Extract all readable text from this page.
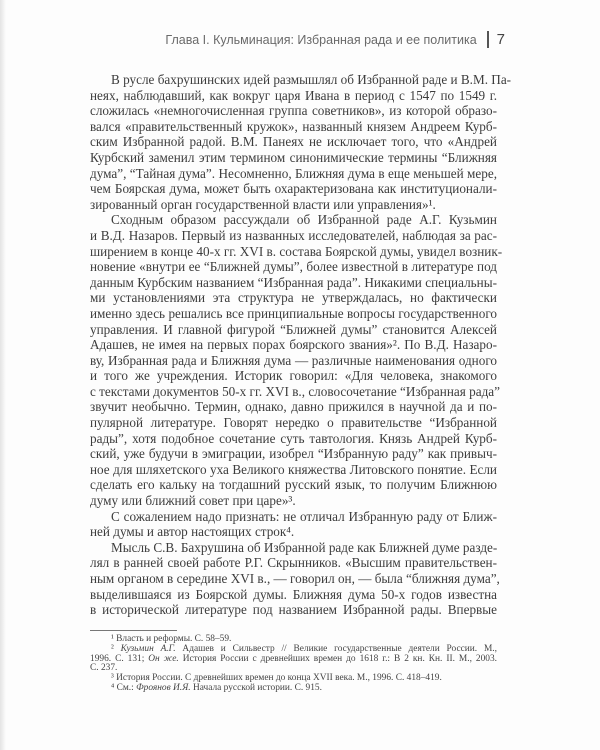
Глава I. Кульминация: Избранная рада и ее политика 7
В русле бахрушинских идей размышлял об Избранной раде и В.М. Па-
неях, наблюдавший, как вокруг царя Ивана в период с 1547 по 1549 г.
сложилась «немногочисленная группа советников», из которой образо-
вался «правительственный кружок», названный князем Андреем Курб-
ским Избранной радой. В.М. Панеях не исключает того, что «Андрей
Курбский заменил этим термином синонимические термины “Ближняя
дума”, “Тайная дума”. Несомненно, Ближняя дума в еще меньшей мере,
чем Боярская дума, может быть охарактеризована как институционали-
зированный орган государственной власти или управления»¹.
Сходным образом рассуждали об Избранной раде А.Г. Кузьмин
и В.Д. Назаров. Первый из названных исследователей, наблюдая за рас-
ширением в конце 40-х гг. XVI в. состава Боярской думы, увидел возник-
новение «внутри ее “Ближней думы”, более известной в литературе под
данным Курбским названием “Избранная рада”. Никакими специальны-
ми установлениями эта структура не утверждалась, но фактически
именно здесь решались все принципиальные вопросы государственного
управления. И главной фигурой “Ближней думы” становится Алексей
Адашев, не имея на первых порах боярского звания»². По В.Д. Назаро-
ву, Избранная рада и Ближняя дума — различные наименования одного
и того же учреждения. Историк говорил: «Для человека, знакомого
с текстами документов 50-х гг. XVI в., словосочетание “Избранная рада”
звучит необычно. Термин, однако, давно прижился в научной да и по-
пулярной литературе. Говорят нередко о правительстве “Избранной
рады”, хотя подобное сочетание суть тавтология. Князь Андрей Курб-
ский, уже будучи в эмиграции, изобрел “Избранную раду” как привыч-
ное для шляхетского уха Великого княжества Литовского понятие. Если
сделать его кальку на тогдашний русский язык, то получим Ближнюю
думу или ближний совет при царе»³.
С сожалением надо признать: не отличал Избранную раду от Ближ-
ней думы и автор настоящих строк⁴.
Мысль С.В. Бахрушина об Избранной раде как Ближней думе разде-
лял в ранней своей работе Р.Г. Скрынников. «Высшим правительствен-
ным органом в середине XVI в., — говорил он, — была “ближняя дума”,
выделившаяся из Боярской думы. Ближняя дума 50-х годов известна
в исторической литературе под названием Избранной рады. Впервые
¹ Власть и реформы. С. 58–59.
² Кузьмин А.Г. Адашев и Сильвестр // Великие государственные деятели России. М.,
1996. С. 131; Он же. История России с древнейших времен до 1618 г.: В 2 кн. Кн. II. М., 2003.
С. 237.
³ История России. С древнейших времен до конца XVII века. М., 1996. С. 418–419.
⁴ См.: Фроянов И.Я. Начала русской истории. С. 915.
